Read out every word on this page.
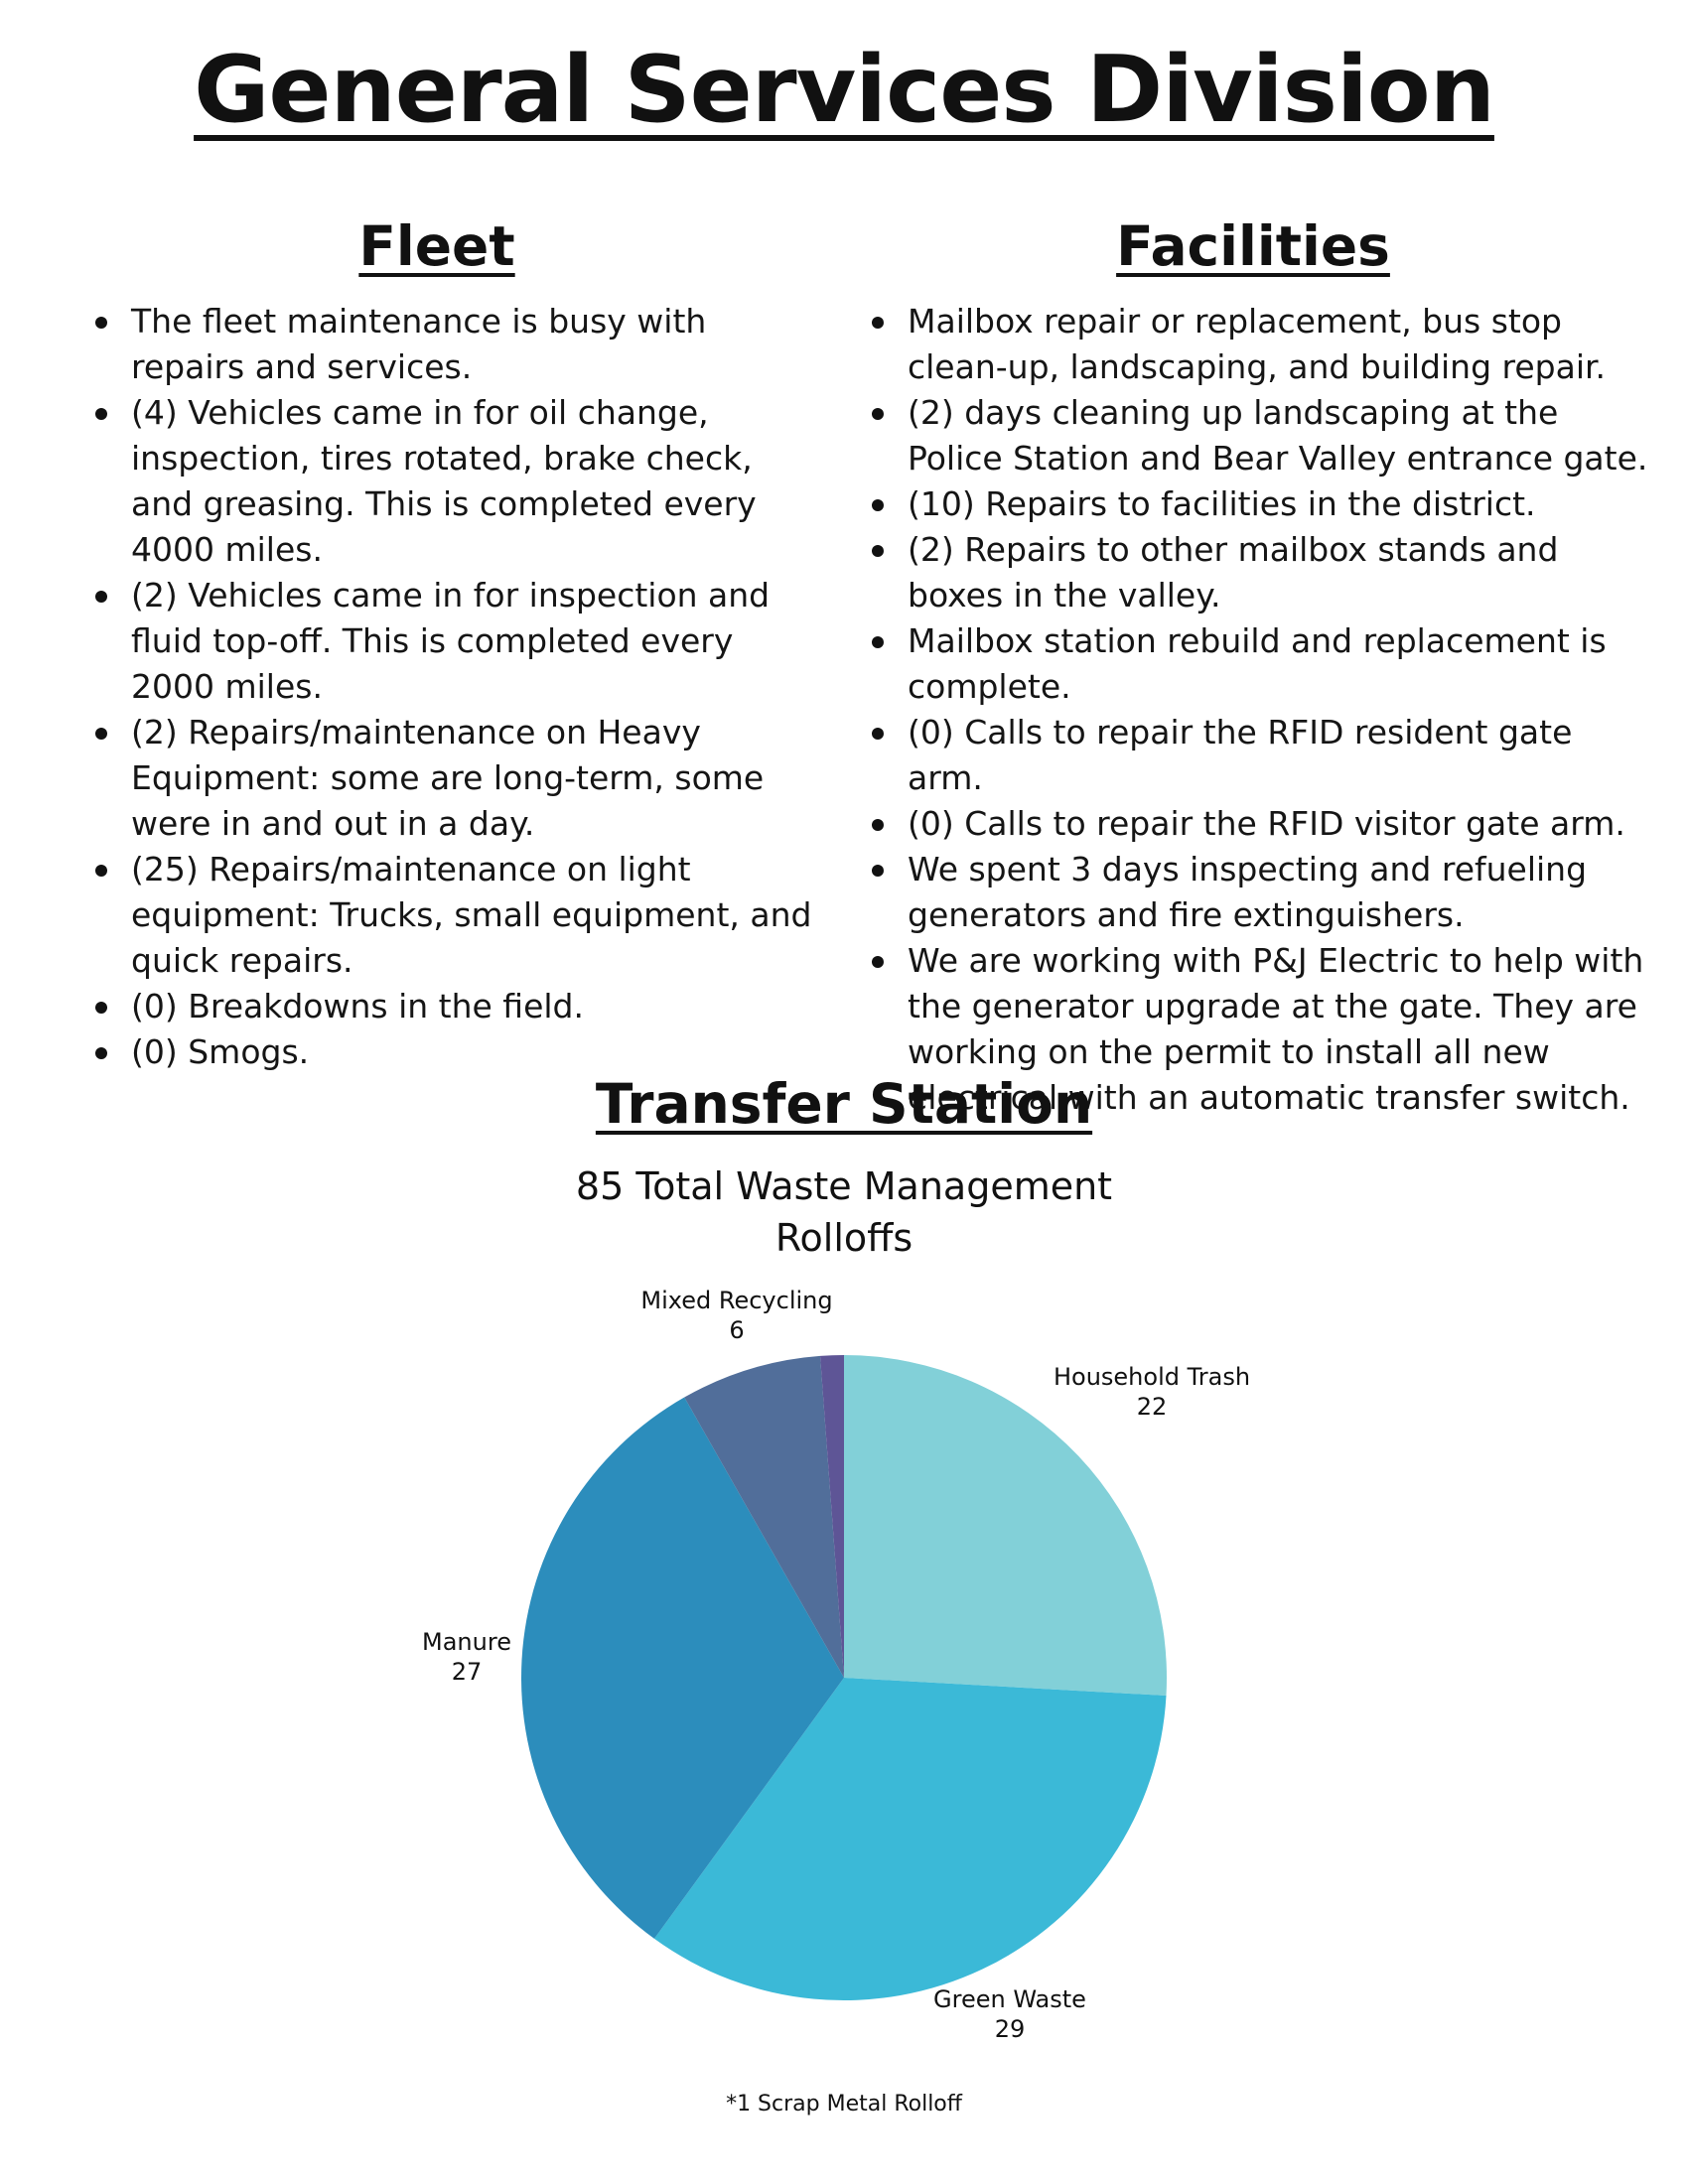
General Services Division
Fleet
The fleet maintenance is busy with repairs and services.
(4) Vehicles came in for oil change, inspection, tires rotated, brake check, and greasing. This is completed every 4000 miles.
(2) Vehicles came in for inspection and fluid top-off. This is completed every 2000 miles.
(2) Repairs/maintenance on Heavy Equipment: some are long-term, some were in and out in a day.
(25) Repairs/maintenance on light equipment: Trucks, small equipment, and quick repairs.
(0) Breakdowns in the field.
(0) Smogs.
Facilities
Mailbox repair or replacement, bus stop clean-up, landscaping, and building repair.
(2) days cleaning up landscaping at the Police Station and Bear Valley entrance gate.
(10) Repairs to facilities in the district.
(2) Repairs to other mailbox stands and boxes in the valley.
Mailbox station rebuild and replacement is complete.
(0) Calls to repair the RFID resident gate arm.
(0) Calls to repair the RFID visitor gate arm.
We spent 3 days inspecting and refueling generators and fire extinguishers.
We are working with P&J Electric to help with the generator upgrade at the gate. They are working on the permit to install all new electrical with an automatic transfer switch.
Transfer Station
Household Trash
22
Green Waste
29
Manure
27
Mixed Recycling
6
85 Total Waste Management
Rolloffs
*1 Scrap Metal Rolloff
